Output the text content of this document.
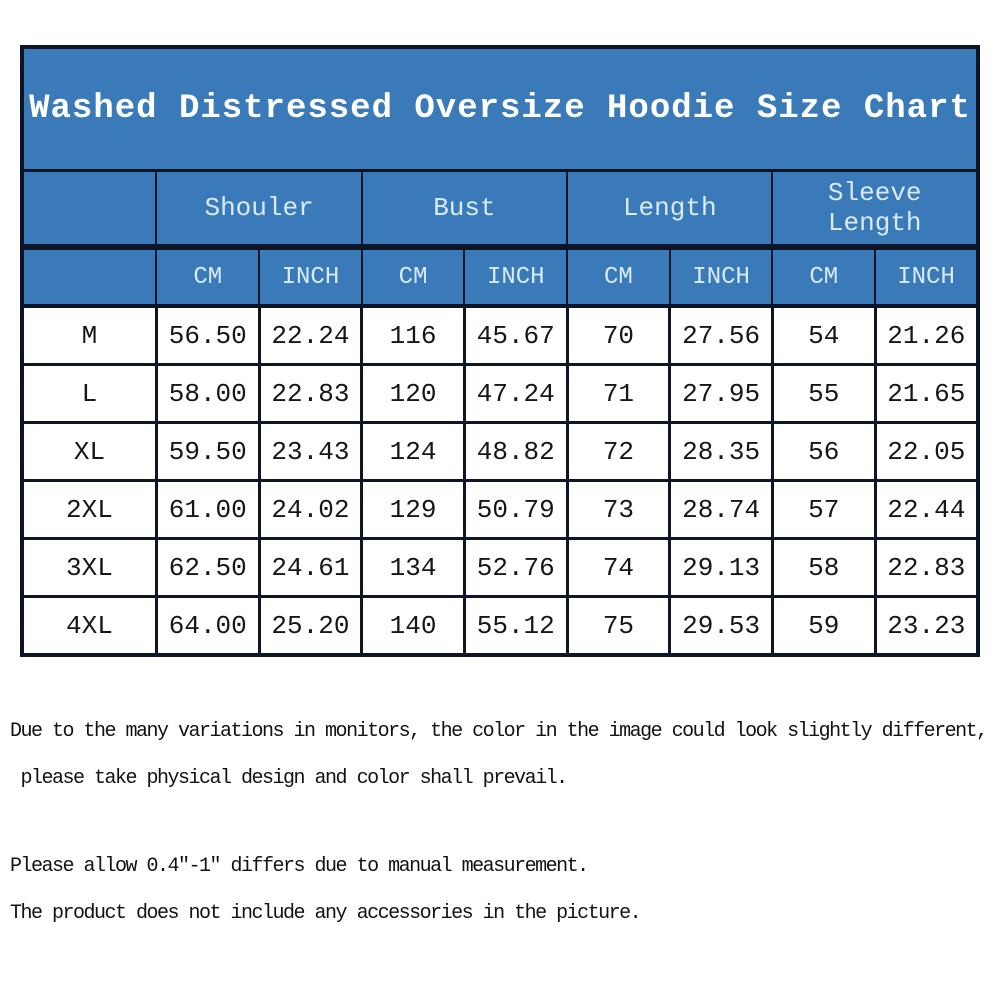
Washed Distressed Oversize Hoodie Size Chart								
	Shouler		Bust		Length		Sleeve Length	
	CM	INCH	CM	INCH	CM	INCH	CM	INCH
M	56.50	22.24	116	45.67	70	27.56	54	21.26
L	58.00	22.83	120	47.24	71	27.95	55	21.65
XL	59.50	23.43	124	48.82	72	28.35	56	22.05
2XL	61.00	24.02	129	50.79	73	28.74	57	22.44
3XL	62.50	24.61	134	52.76	74	29.13	58	22.83
4XL	64.00	25.20	140	55.12	75	29.53	59	23.23

Due to the many variations in monitors, the color in the image could look slightly different,
please take physical design and color shall prevail.

Please allow 0.4"-1" differs due to manual measurement.
The product does not include any accessories in the picture.
